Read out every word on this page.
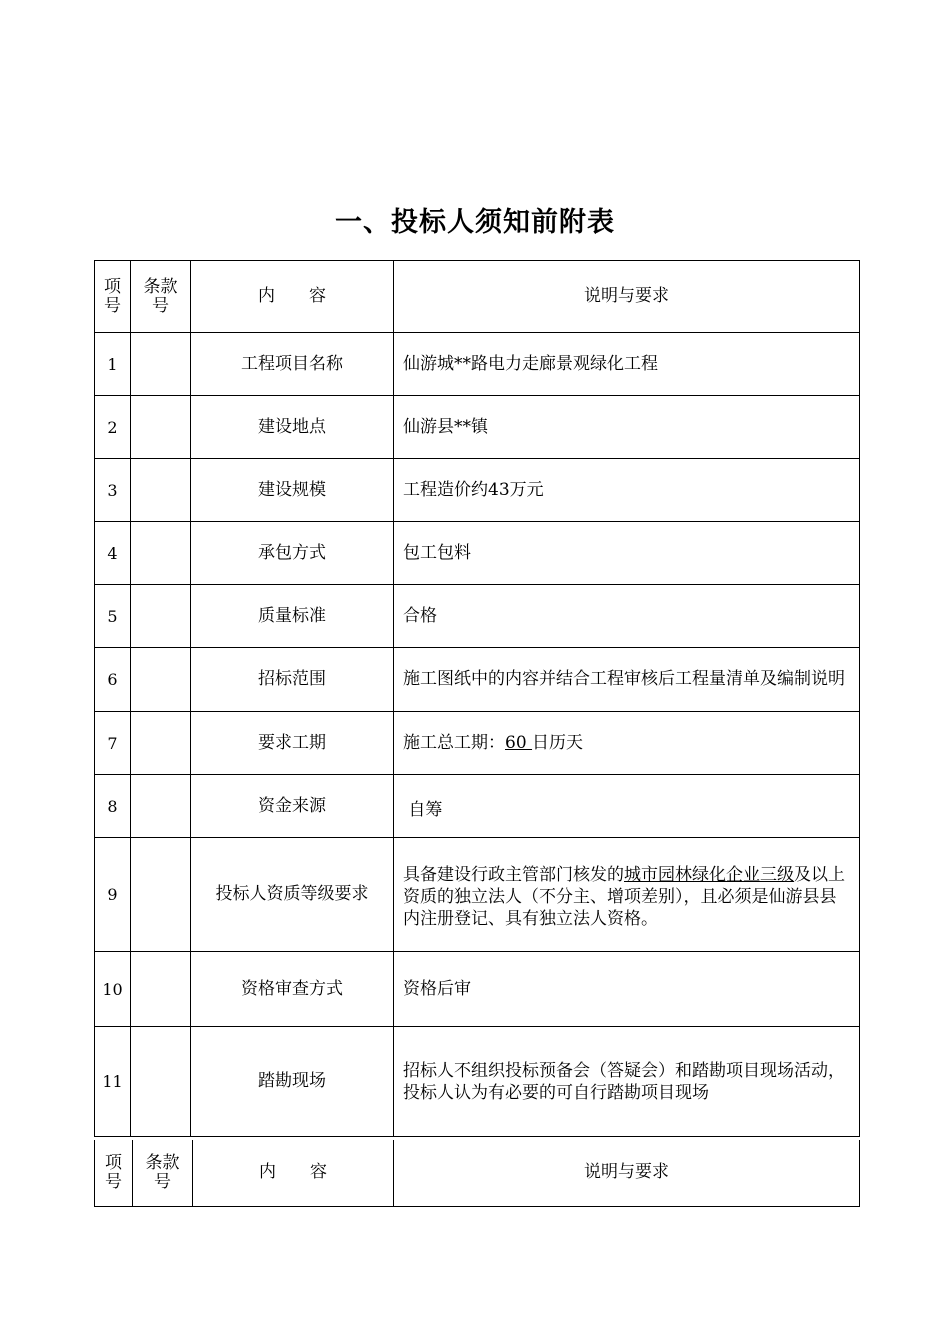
一、投标人须知前附表
项号	条款号	内　　容	说明与要求
1		工程项目名称	仙游城**路电力走廊景观绿化工程
2		建设地点	仙游县**镇
3		建设规模	工程造价约43万元
4		承包方式	包工包料
5		质量标准	合格
6		招标范围	施工图纸中的内容并结合工程审核后工程量清单及编制说明
7		要求工期	施工总工期：60 日历天
8		资金来源	自筹
9		投标人资质等级要求	具备建设行政主管部门核发的城市园林绿化企业三级及以上资质的独立法人（不分主、增项差别），且必须是仙游县县内注册登记、具有独立法人资格。
10		资格审查方式	资格后审
11		踏勘现场	招标人不组织投标预备会（答疑会）和踏勘项目现场活动，投标人认为有必要的可自行踏勘项目现场
项号	条款号	内　　容	说明与要求
